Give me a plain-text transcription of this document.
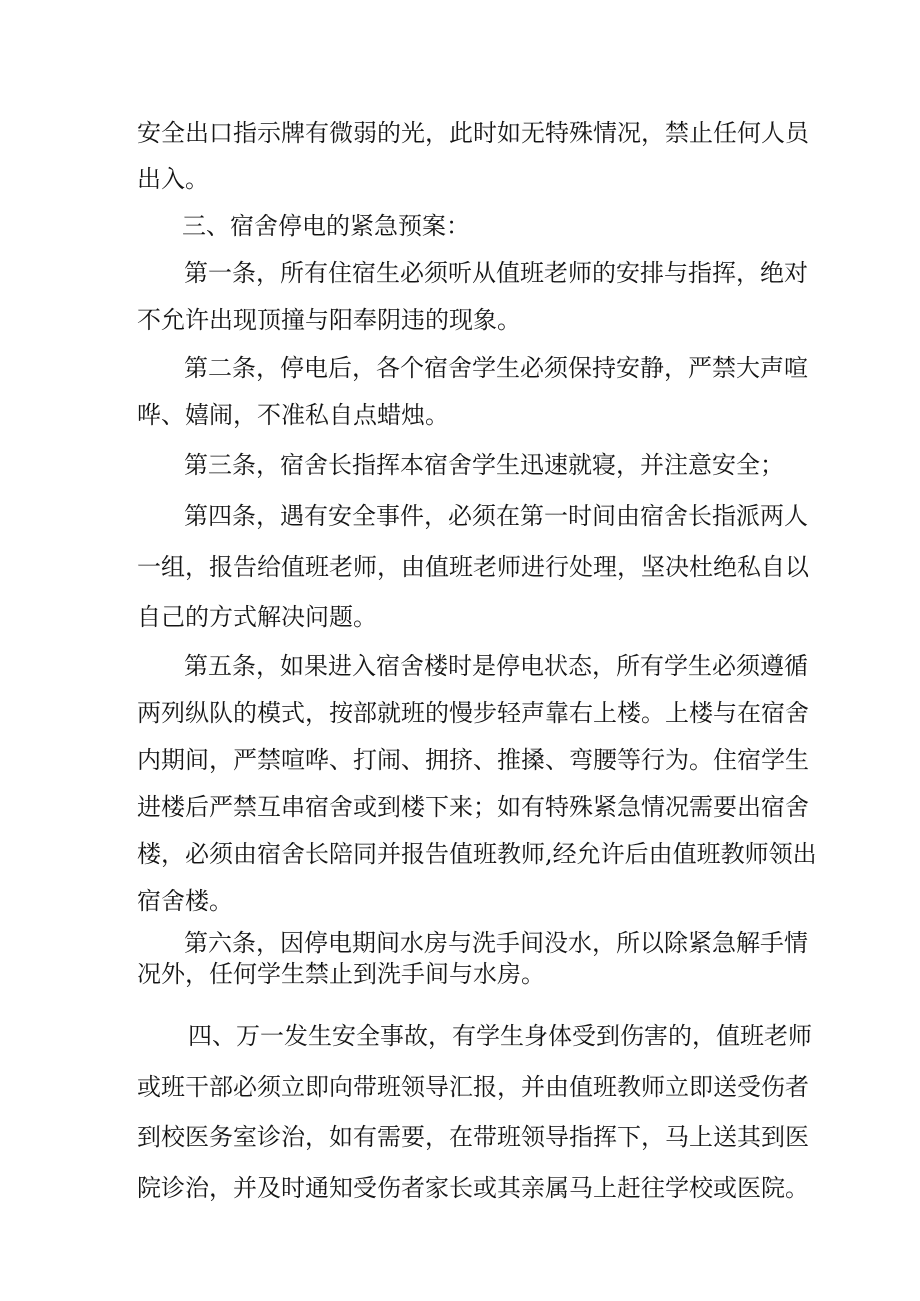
安全出口指示牌有微弱的光，此时如无特殊情况，禁止任何人员
出入。
三、宿舍停电的紧急预案：
第一条，所有住宿生必须听从值班老师的安排与指挥，绝对
不允许出现顶撞与阳奉阴违的现象。
第二条，停电后，各个宿舍学生必须保持安静，严禁大声喧
哗、嬉闹，不准私自点蜡烛。
第三条，宿舍长指挥本宿舍学生迅速就寝，并注意安全；
第四条，遇有安全事件，必须在第一时间由宿舍长指派两人
一组，报告给值班老师，由值班老师进行处理，坚决杜绝私自以
自己的方式解决问题。
第五条，如果进入宿舍楼时是停电状态，所有学生必须遵循
两列纵队的模式，按部就班的慢步轻声靠右上楼。上楼与在宿舍
内期间，严禁喧哗、打闹、拥挤、推搡、弯腰等行为。住宿学生
进楼后严禁互串宿舍或到楼下来；如有特殊紧急情况需要出宿舍
楼，必须由宿舍长陪同并报告值班教师,经允许后由值班教师领出
宿舍楼。
第六条，因停电期间水房与洗手间没水，所以除紧急解手情
况外，任何学生禁止到洗手间与水房。
四、万一发生安全事故，有学生身体受到伤害的，值班老师
或班干部必须立即向带班领导汇报，并由值班教师立即送受伤者
到校医务室诊治，如有需要，在带班领导指挥下，马上送其到医
院诊治，并及时通知受伤者家长或其亲属马上赶往学校或医院。
